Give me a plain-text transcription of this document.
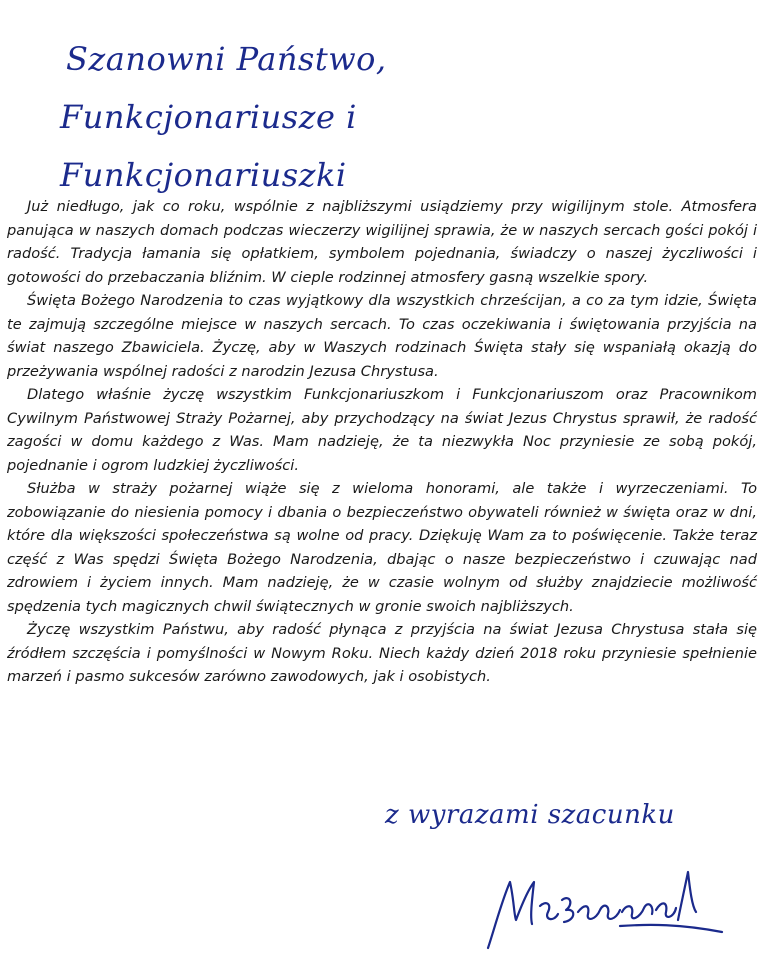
Szanowni Państwo,
Funkcjonariusze i Funkcjonariuszki

Już niedługo, jak co roku, wspólnie z najbliższymi usiądziemy przy wigilijnym stole. Atmosfera panująca w naszych domach podczas wieczerzy wigilijnej sprawia, że w naszych sercach gości pokój i radość. Tradycja łamania się opłatkiem, symbolem pojednania, świadczy o naszej życzliwości i gotowości do przebaczania bliźnim. W cieple rodzinnej atmosfery gasną wszelkie spory.

Święta Bożego Narodzenia to czas wyjątkowy dla wszystkich chrześcijan, a co za tym idzie, Święta te zajmują szczególne miejsce w naszych sercach. To czas oczekiwania i świętowania przyjścia na świat naszego Zbawiciela. Życzę, aby w Waszych rodzinach Święta stały się wspaniałą okazją do przeżywania wspólnej radości z narodzin Jezusa Chrystusa.

Dlatego właśnie życzę wszystkim Funkcjonariuszkom i Funkcjonariuszom oraz Pracownikom Cywilnym Państwowej Straży Pożarnej, aby przychodzący na świat Jezus Chrystus sprawił, że radość zagości w domu każdego z Was. Mam nadzieję, że ta niezwykła Noc przyniesie ze sobą pokój, pojednanie i ogrom ludzkiej życzliwości.

Służba w straży pożarnej wiąże się z wieloma honorami, ale także i wyrzeczeniami. To zobowiązanie do niesienia pomocy i dbania o bezpieczeństwo obywateli również w święta oraz w dni, które dla większości społeczeństwa są wolne od pracy. Dziękuję Wam za to poświęcenie. Także teraz część z Was spędzi Święta Bożego Narodzenia, dbając o nasze bezpieczeństwo i czuwając nad zdrowiem i życiem innych. Mam nadzieję, że w czasie wolnym od służby znajdziecie możliwość spędzenia tych magicznych chwil świątecznych w gronie swoich najbliższych.

Życzę wszystkim Państwu, aby radość płynąca z przyjścia na świat Jezusa Chrystusa stała się źródłem szczęścia i pomyślności w Nowym Roku. Niech każdy dzień 2018 roku przyniesie spełnienie marzeń i pasmo sukcesów zarówno zawodowych, jak i osobistych.

z wyrazami szacunku
